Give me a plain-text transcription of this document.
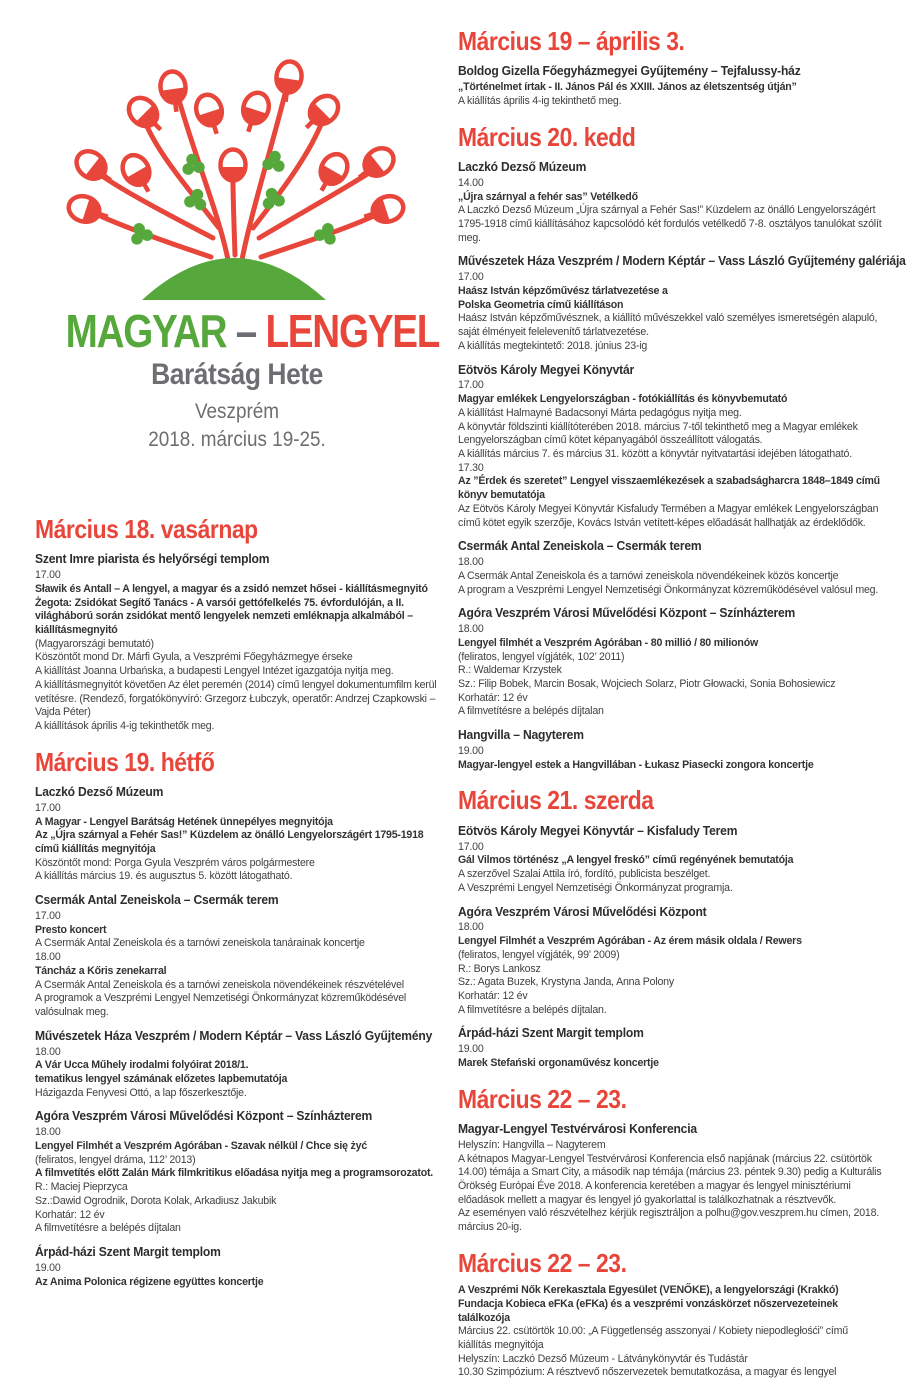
MAGYAR – LENGYEL
Barátság Hete
Veszprém
2018. március 19-25.
Március 18. vasárnap
Szent Imre piarista és helyőrségi templom
17.00
Sławik és Antall – A lengyel, a magyar és a zsidó nemzet hősei - kiállításmegnyitó
Żegota: Zsidókat Segítő Tanács - A varsói gettófelkelés 75. évfordulóján, a II. világháború során zsidókat mentő lengyelek nemzeti emléknapja alkalmából – kiállításmegnyitó
(Magyarországi bemutató)
Köszöntőt mond Dr. Márfi Gyula, a Veszprémi Főegyházmegye érseke
A kiállítást Joanna Urbańska, a budapesti Lengyel Intézet igazgatója nyitja meg.
A kiállításmegnyitót követően Az élet peremén (2014) című lengyel dokumentumfilm kerül vetítésre. (Rendező, forgatókönyvíró: Grzegorz Łubczyk, operatőr: Andrzej Czapkowski – Vajda Péter)
A kiállítások április 4-ig tekinthetők meg.
Március 19. hétfő
Laczkó Dezső Múzeum
17.00
A Magyar - Lengyel Barátság Hetének ünnepélyes megnyitója
Az „Újra szárnyal a Fehér Sas!” Küzdelem az önálló Lengyelországért 1795-1918 című kiállítás megnyitója
Köszöntőt mond: Porga Gyula Veszprém város polgármestere
A kiállítás március 19. és augusztus 5. között látogatható.
Csermák Antal Zeneiskola – Csermák terem
17.00
Presto koncert
A Csermák Antal Zeneiskola és a tarnówi zeneiskola tanárainak koncertje
18.00
Táncház a Kőris zenekarral
A Csermák Antal Zeneiskola és a tarnówi zeneiskola növendékeinek részvételével
A programok a Veszprémi Lengyel Nemzetiségi Önkormányzat közreműködésével valósulnak meg.
Művészetek Háza Veszprém / Modern Képtár – Vass László Gyűjtemény
18.00
A Vár Ucca Műhely irodalmi folyóirat 2018/1.
tematikus lengyel számának előzetes lapbemutatója
Házigazda Fenyvesi Ottó, a lap főszerkesztője.
Agóra Veszprém Városi Művelődési Központ – Színházterem
18.00
Lengyel Filmhét a Veszprém Agórában - Szavak nélkül / Chce się żyć
(feliratos, lengyel dráma, 112’ 2013)
A filmvetítés előtt Zalán Márk filmkritikus előadása nyitja meg a programsorozatot.
R.: Maciej Pieprzyca
Sz.:Dawid Ogrodnik, Dorota Kolak, Arkadiusz Jakubik
Korhatár: 12 év
A filmvetítésre a belépés díjtalan
Árpád-házi Szent Margit templom
19.00
Az Anima Polonica régizene együttes koncertje
Március 19 – április 3.
Boldog Gizella Főegyházmegyei Gyűjtemény – Tejfalussy-ház
„Történelmet írtak - II. János Pál és XXIII. János az életszentség útján”
A kiállítás április 4-ig tekinthető meg.
Március 20. kedd
Laczkó Dezső Múzeum
14.00
„Újra szárnyal a fehér sas” Vetélkedő
A Laczkó Dezső Múzeum „Újra szárnyal a Fehér Sas!” Küzdelem az önálló Lengyelországért 1795-1918 című kiállításához kapcsolódó két fordulós vetélkedő 7-8. osztályos tanulókat szólít meg.
Művészetek Háza Veszprém / Modern Képtár – Vass László Gyűjtemény galériája
17.00
Haász István képzőművész tárlatvezetése a
Polska Geometria című kiállításon
Haász István képzőművésznek, a kiállító művészekkel való személyes ismeretségén alapuló, saját élményeit felelevenítő tárlatvezetése.
A kiállítás megtekintető: 2018. június 23-ig
Eötvös Károly Megyei Könyvtár
17.00
Magyar emlékek Lengyelországban - fotókiállítás és könyvbemutató
A kiállítást Halmayné Badacsonyi Márta pedagógus nyitja meg.
A könyvtár földszinti kiállítóterében 2018. március 7-től tekinthető meg a Magyar emlékek Lengyelországban című kötet képanyagából összeállított válogatás.
A kiállítás március 7. és március 31. között a könyvtár nyitvatartási idejében látogatható.
17.30
Az ”Érdek és szeretet” Lengyel visszaemlékezések a szabadságharcra 1848–1849 című könyv bemutatója
Az Eötvös Károly Megyei Könyvtár Kisfaludy Termében a Magyar emlékek Lengyelországban című kötet egyik szerzője, Kovács István vetített-képes előadását hallhatják az érdeklődők.
Csermák Antal Zeneiskola – Csermák terem
18.00
A Csermák Antal Zeneiskola és a tarnówi zeneiskola növendékeinek közös koncertje
A program a Veszprémi Lengyel Nemzetiségi Önkormányzat közreműködésével valósul meg.
Agóra Veszprém Városi Művelődési Központ – Színházterem
18.00
Lengyel filmhét a Veszprém Agórában - 80 millió / 80 milionów
(feliratos, lengyel vígjáték, 102’ 2011)
R.: Waldemar Krzystek
Sz.: Filip Bobek, Marcin Bosak, Wojciech Solarz, Piotr Głowacki, Sonia Bohosiewicz
Korhatár: 12 év
A filmvetítésre a belépés díjtalan
Hangvilla – Nagyterem
19.00
Magyar-lengyel estek a Hangvillában - Łukasz Piasecki zongora koncertje
Március 21. szerda
Eötvös Károly Megyei Könyvtár – Kisfaludy Terem
17.00
Gál Vilmos történész „A lengyel freskó” című regényének bemutatója
A szerzővel Szalai Attila író, fordító, publicista beszélget.
A Veszprémi Lengyel Nemzetiségi Önkormányzat programja.
Agóra Veszprém Városi Művelődési Központ
18.00
Lengyel Filmhét a Veszprém Agórában - Az érem másik oldala / Rewers
(feliratos, lengyel vígjáték, 99’ 2009)
R.: Borys Lankosz
Sz.: Agata Buzek, Krystyna Janda, Anna Polony
Korhatár: 12 év
A filmvetítésre a belépés díjtalan.
Árpád-házi Szent Margit templom
19.00
Marek Stefański orgonaművész koncertje
Március 22 – 23.
Magyar-Lengyel Testvérvárosi Konferencia
Helyszín: Hangvilla – Nagyterem
A kétnapos Magyar-Lengyel Testvérvárosi Konferencia első napjának (március 22. csütörtök 14.00) témája a Smart City, a második nap témája (március 23. péntek 9.30) pedig a Kulturális Örökség Európai Éve 2018. A konferencia keretében a magyar és lengyel minisztériumi előadások mellett a magyar és lengyel jó gyakorlattal is találkozhatnak a résztvevők.
Az eseményen való részvételhez kérjük regisztráljon a polhu@gov.veszprem.hu címen, 2018. március 20-ig.
Március 22 – 23.
A Veszprémi Nők Kerekasztala Egyesület (VENŐKE), a lengyelországi (Krakkó) Fundacja Kobieca eFKa (eFKa) és a veszprémi vonzáskörzet nőszervezeteinek találkozója
Március 22. csütörtök 10.00: „A Függetlenség asszonyai / Kobiety niepodległośći” című kiállítás megnyitója
Helyszín: Laczkó Dezső Múzeum - Látványkönyvtár és Tudástár
10.30 Szimpózium: A résztvevő nőszervezetek bemutatkozása, a magyar és lengyel
